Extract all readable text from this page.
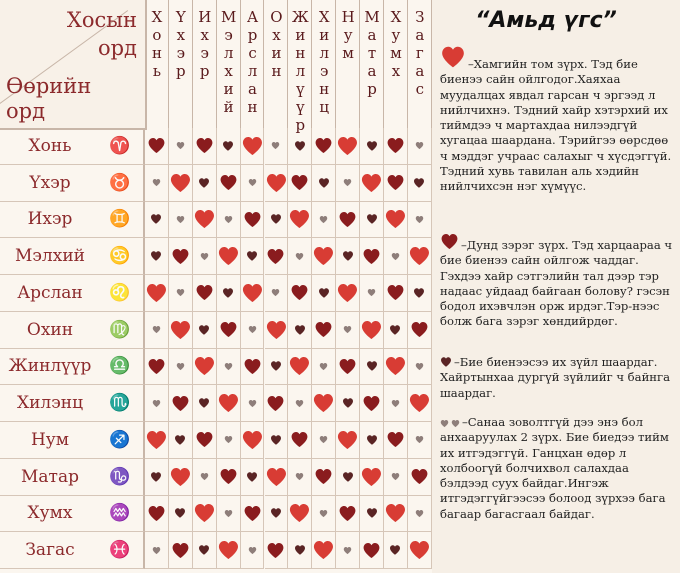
Хосын
орд
Өөрийн
орд
Хонь Үхэр Ихэр Мэлхий Арслан Охин Жинлүүр Хилэнц Нум Матар Хумх Загас
Хонь	♈
Үхэр	♉
Ихэр	♊
Мэлхий	♋
Арслан	♌
Охин	♍
Жинлүүр	♎
Хилэнц	♏
Нум	♐
Матар	♑
Хумх	♒
Загас	♓
“Амьд үгс”
–Хамгийн том зүрх. Тэд бие биенээ сайн ойлгодог.Хаяхаа муудалцах явдал гарсан ч эргээд л нийлчихнэ. Тэдний хайр хэтэрхий их тиймдээ ч мартахдаа нилээдгүй хугацаа шаардана. Тэрийгээ өөрсдөө ч мэддэг учраас салахыг ч хүсдэггүй. Тэдний хувь тавилан аль хэдийн нийлчихсэн нэг хүмүүс.
–Дунд зэрэг зүрх. Тэд харцаараа ч бие биенээ сайн ойлгож чаддаг. Гэхдээ хайр сэтгэлийн тал дээр тэр надаас уйдаад байгаан болову? гэсэн бодол ихэвчлэн орж ирдэг.Тэр-нээс болж бага зэрэг хөндийрдөг.
–Бие биенээсээ их зүйл шаардаг. Хайртынхаа дургүй зүйлийг ч байнга шаардаг.
–Санаа зоволтгүй дээ энэ бол анхааруулах 2 зүрх. Бие биедээ тийм их итгэдэггүй. Ганцхан өдөр л холбоогүй болчихвол салахдаа бэлдээд суух байдаг.Ингэж итгэдэггүйгээсээ болоод зүрхээ бага багаар багасгаал байдаг.
